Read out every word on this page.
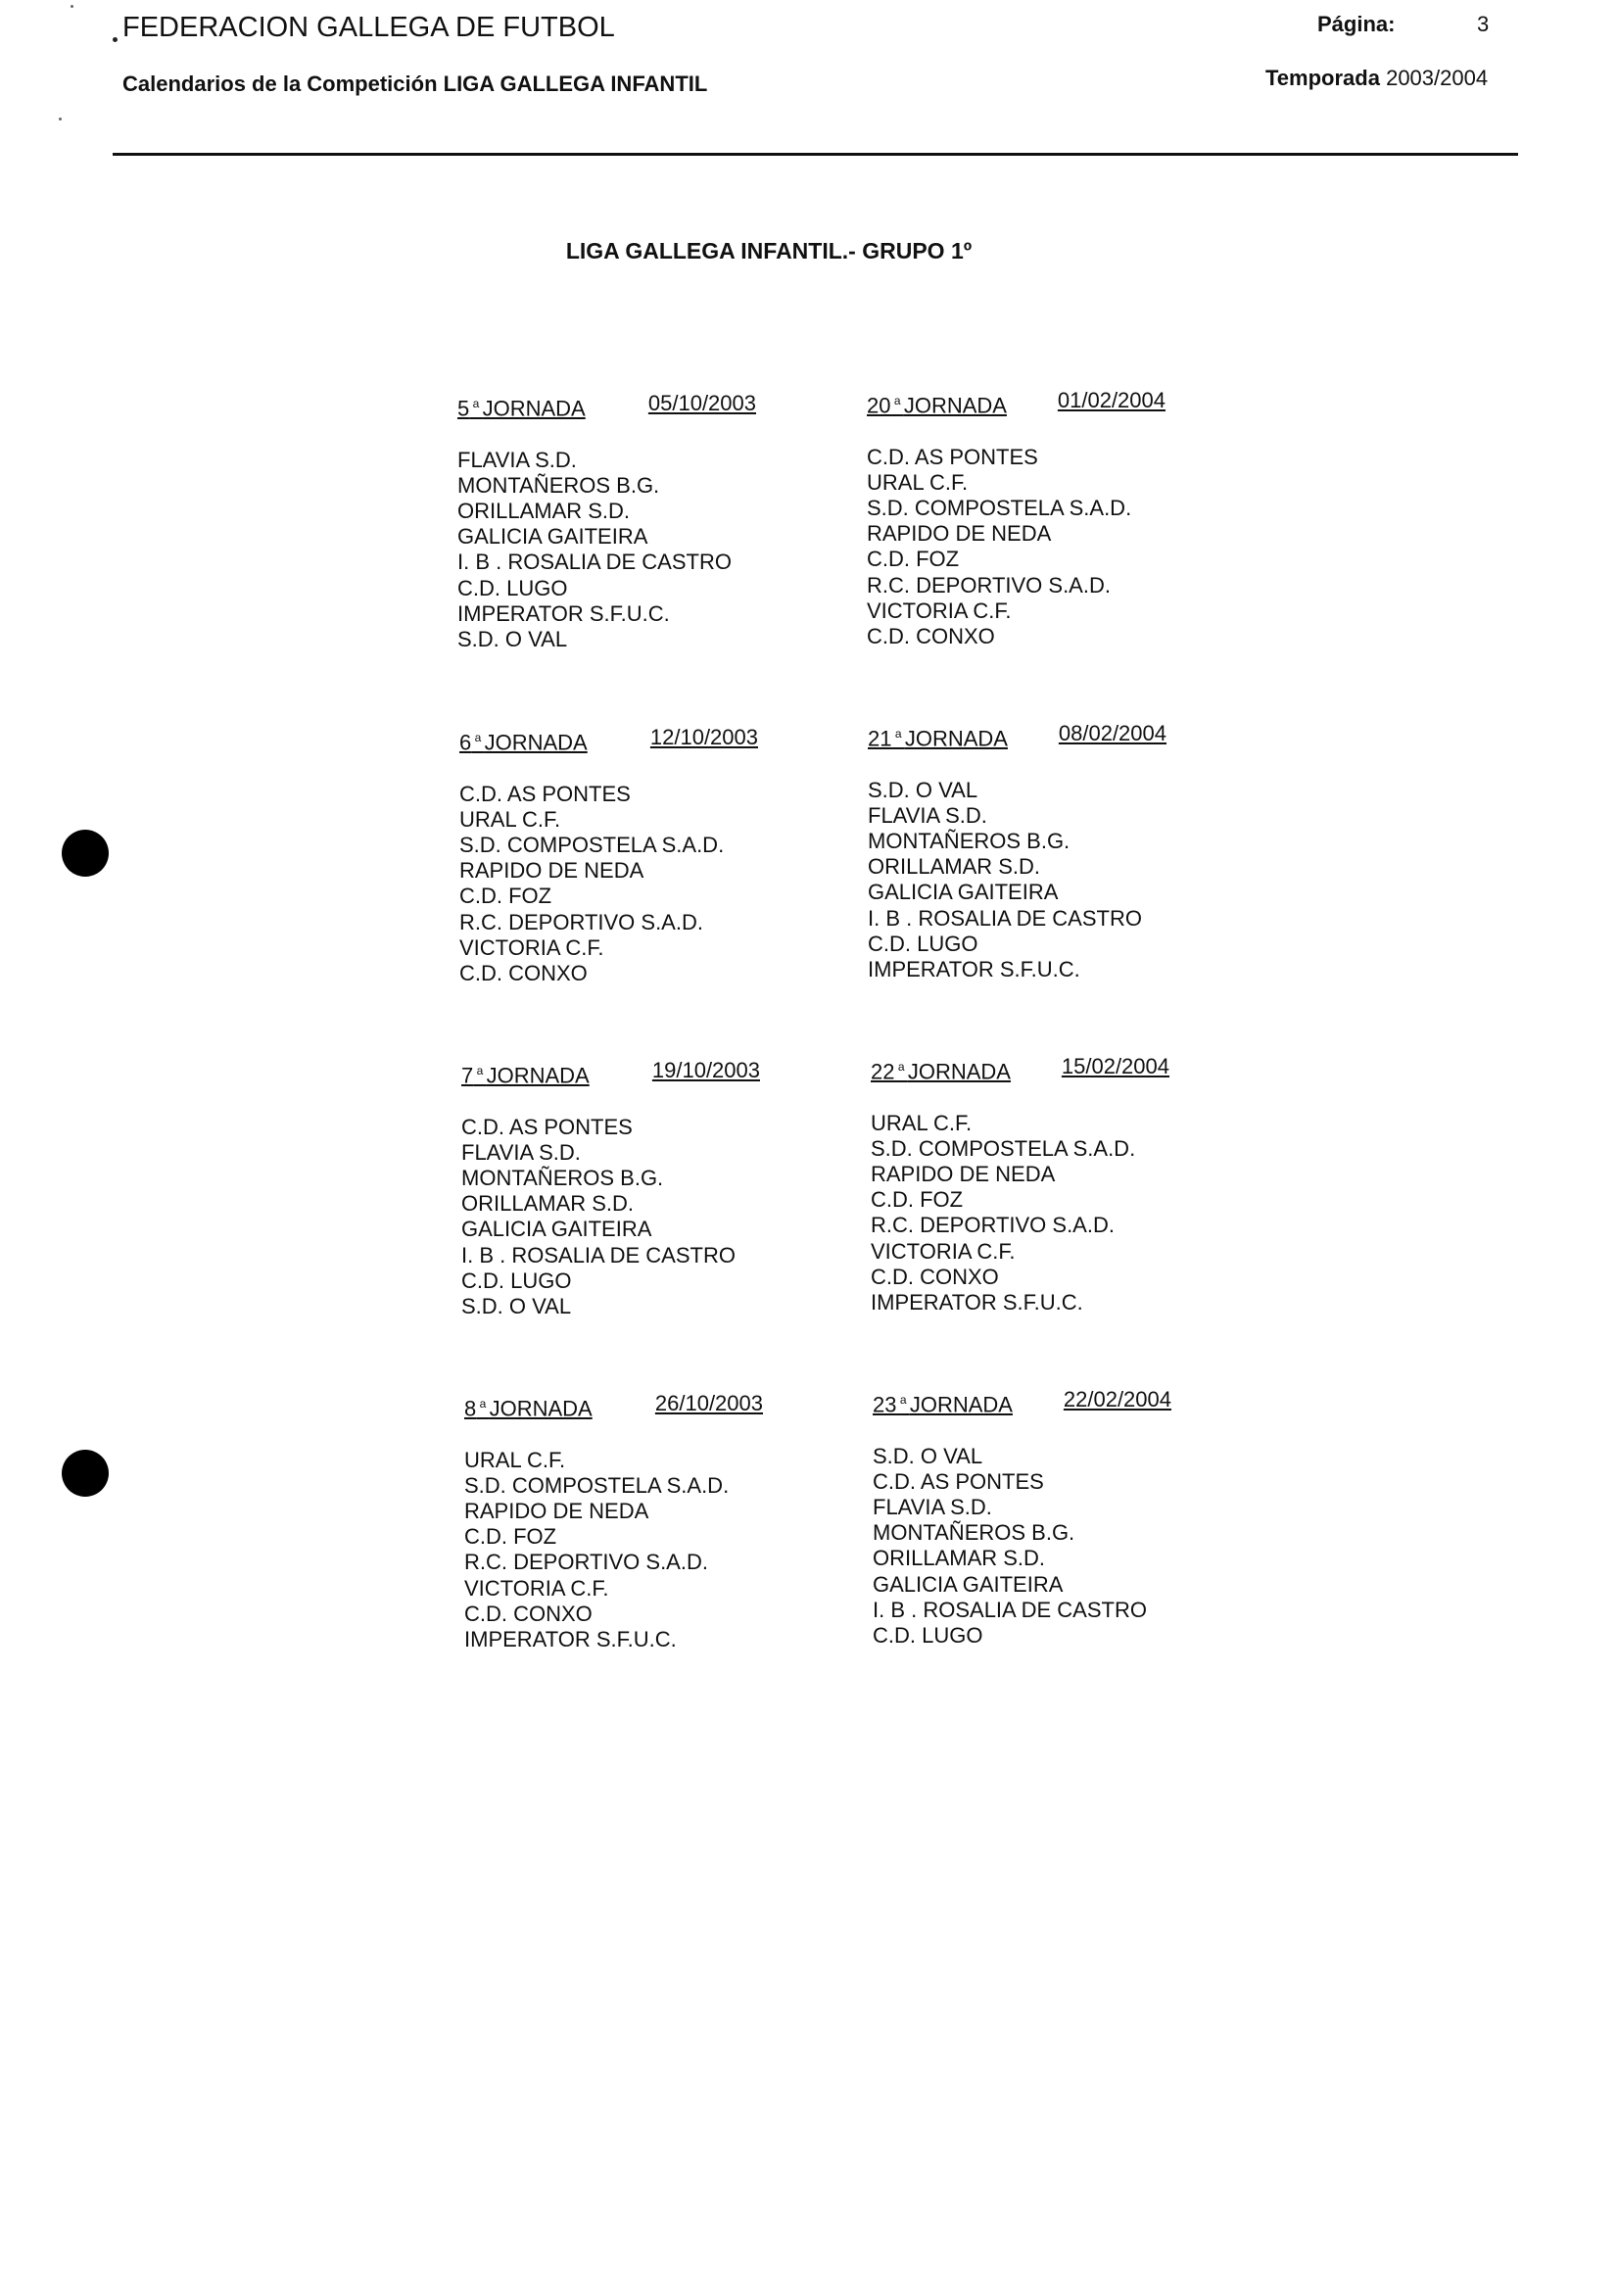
FEDERACION GALLEGA DE FUTBOL
Calendarios de la Competición LIGA GALLEGA INFANTIL
Página:	3
Temporada 2003/2004
LIGA GALLEGA INFANTIL.- GRUPO 1º
5 $^a$ JORNADA	05/10/2003
FLAVIA S.D.
MONTAÑEROS B.G.
ORILLAMAR S.D.
GALICIA GAITEIRA
I. B . ROSALIA DE CASTRO
C.D. LUGO
IMPERATOR S.F.U.C.
S.D. O VAL
20 $^a$ JORNADA 01/02/2004
C.D. AS PONTES
URAL C.F.
S.D. COMPOSTELA S.A.D.
RAPIDO DE NEDA
C.D. FOZ
R.C. DEPORTIVO S.A.D.
VICTORIA C.F.
C.D. CONXO
6 $^a$ JORNADA	12/10/2003
C.D. AS PONTES
URAL C.F.
S.D. COMPOSTELA S.A.D.
RAPIDO DE NEDA
C.D. FOZ
R.C. DEPORTIVO S.A.D.
VICTORIA C.F.
C.D. CONXO
21 $^a$ JORNADA 08/02/2004
S.D. O VAL
FLAVIA S.D.
MONTAÑEROS B.G.
ORILLAMAR S.D.
GALICIA GAITEIRA
I. B . ROSALIA DE CASTRO
C.D. LUGO
IMPERATOR S.F.U.C.
7 $^a$ JORNADA	19/10/2003
C.D. AS PONTES
FLAVIA S.D.
MONTAÑEROS B.G.
ORILLAMAR S.D.
GALICIA GAITEIRA
I. B . ROSALIA DE CASTRO
C.D. LUGO
S.D. O VAL
22 $^a$ JORNADA 15/02/2004
URAL C.F.
S.D. COMPOSTELA S.A.D.
RAPIDO DE NEDA
C.D. FOZ
R.C. DEPORTIVO S.A.D.
VICTORIA C.F.
C.D. CONXO
IMPERATOR S.F.U.C.
8 $^a$ JORNADA	26/10/2003
URAL C.F.
S.D. COMPOSTELA S.A.D.
RAPIDO DE NEDA
C.D. FOZ
R.C. DEPORTIVO S.A.D.
VICTORIA C.F.
C.D. CONXO
IMPERATOR S.F.U.C.
23 $^a$ JORNADA 22/02/2004
S.D. O VAL
C.D. AS PONTES
FLAVIA S.D.
MONTAÑEROS B.G.
ORILLAMAR S.D.
GALICIA GAITEIRA
I. B . ROSALIA DE CASTRO
C.D. LUGO
